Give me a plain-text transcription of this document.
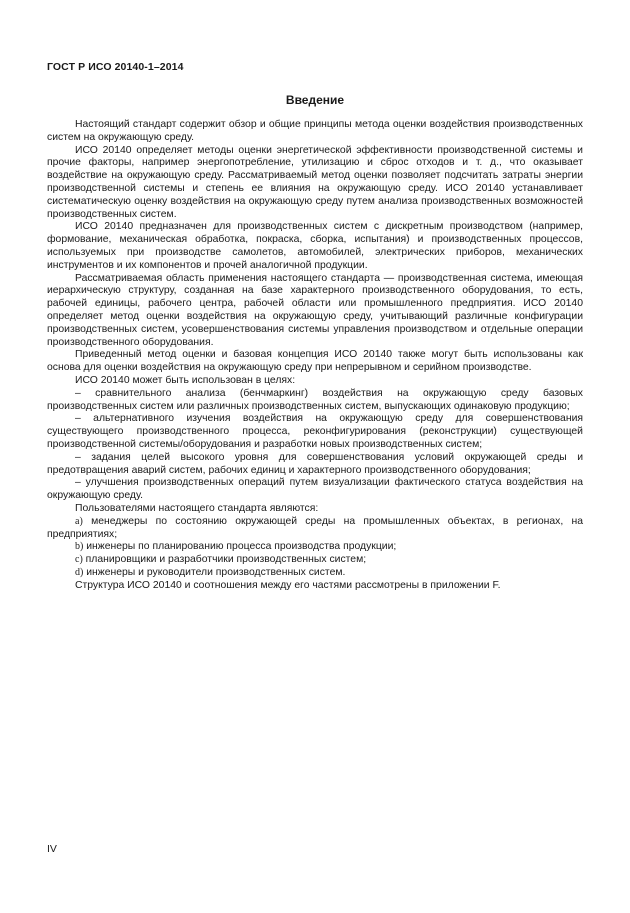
ГОСТ Р ИСО 20140-1–2014
Введение

Настоящий стандарт содержит обзор и общие принципы метода оценки воздействия производственных систем на окружающую среду.

ИСО 20140 определяет методы оценки энергетической эффективности производственной системы и прочие факторы, например энергопотребление, утилизацию и сброс отходов и т. д., что оказывает воздействие на окружающую среду. Рассматриваемый метод оценки позволяет подсчитать затраты энергии производственной системы и степень ее влияния на окружающую среду. ИСО 20140 устанавливает систематическую оценку воздействия на окружающую среду путем анализа производственных возможностей производственных систем.

ИСО 20140 предназначен для производственных систем с дискретным производством (например, формование, механическая обработка, покраска, сборка, испытания) и производственных процессов, используемых при производстве самолетов, автомобилей, электрических приборов, механических инструментов и их компонентов и прочей аналогичной продукции.

Рассматриваемая область применения настоящего стандарта — производственная система, имеющая иерархическую структуру, созданная на базе характерного производственного оборудования, то есть, рабочей единицы, рабочего центра, рабочей области или промышленного предприятия. ИСО 20140 определяет метод оценки воздействия на окружающую среду, учитывающий различные конфигурации производственных систем, усовершенствования системы управления производством и отдельные операции производственного оборудования.

Приведенный метод оценки и базовая концепция ИСО 20140 также могут быть использованы как основа для оценки воздействия на окружающую среду при непрерывном и серийном производстве.

ИСО 20140 может быть использован в целях:

– сравнительного анализа (бенчмаркинг) воздействия на окружающую среду базовых производственных систем или различных производственных систем, выпускающих одинаковую продукцию;

– альтернативного изучения воздействия на окружающую среду для совершенствования существующего производственного процесса, реконфигурирования (реконструкции) существующей производственной системы/оборудования и разработки новых производственных систем;

– задания целей высокого уровня для совершенствования условий окружающей среды и предотвращения аварий систем, рабочих единиц и характерного производственного оборудования;

– улучшения производственных операций путем визуализации фактического статуса воздействия на окружающую среду.

Пользователями настоящего стандарта являются:

a) менеджеры по состоянию окружающей среды на промышленных объектах, в регионах, на предприятиях;

b) инженеры по планированию процесса производства продукции;

c) планировщики и разработчики производственных систем;

d) инженеры и руководители производственных систем.

Структура ИСО 20140 и соотношения между его частями рассмотрены в приложении F.

IV
